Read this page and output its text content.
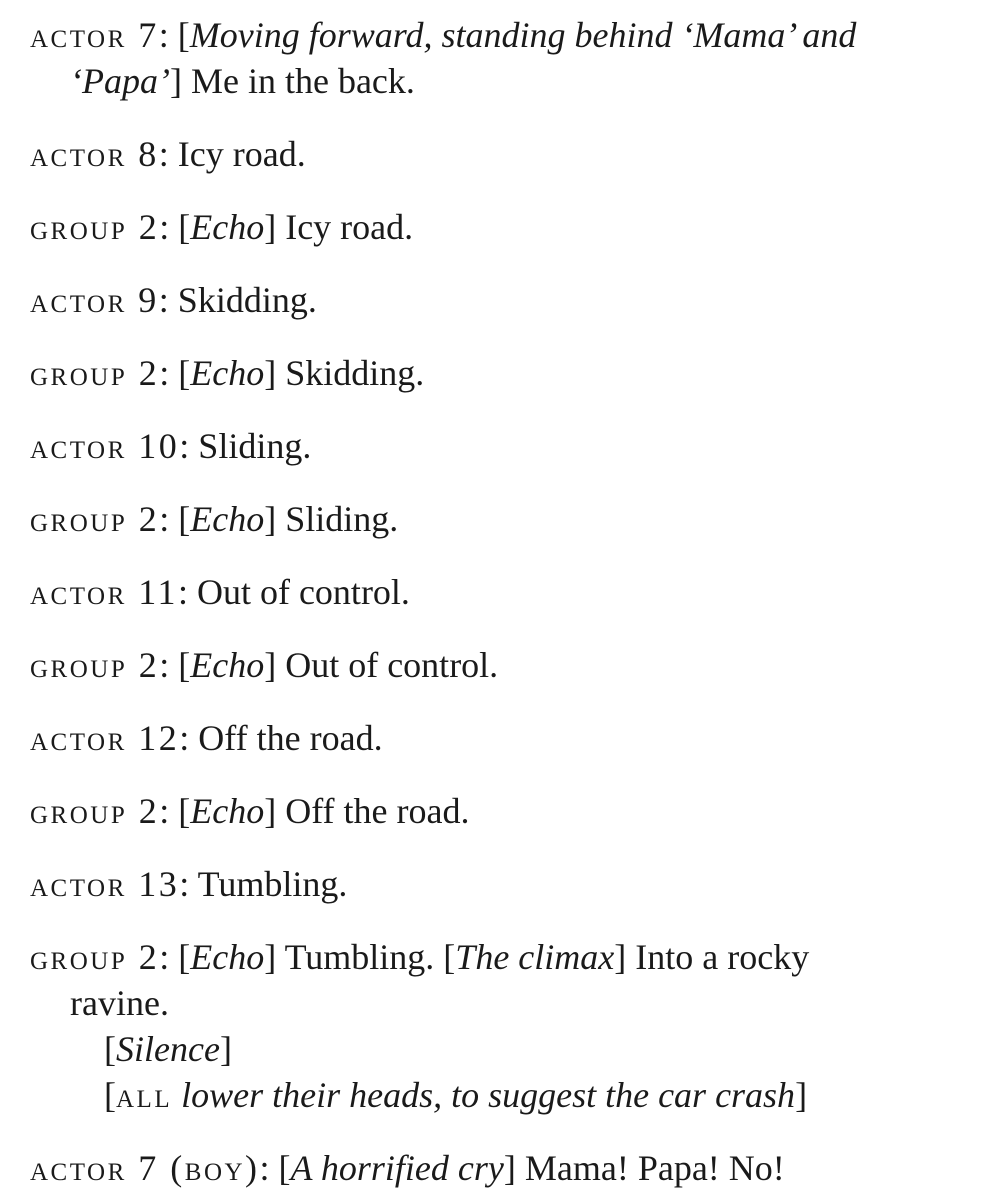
actor 7: [Moving forward, standing behind ‘Mama’ and
‘Papa’] Me in the back.
actor 8: Icy road.
group 2: [Echo] Icy road.
actor 9: Skidding.
group 2: [Echo] Skidding.
actor 10: Sliding.
group 2: [Echo] Sliding.
actor 11: Out of control.
group 2: [Echo] Out of control.
actor 12: Off the road.
group 2: [Echo] Off the road.
actor 13: Tumbling.
group 2: [Echo] Tumbling. [The climax] Into a rocky
ravine.
[Silence]
[all lower their heads, to suggest the car crash]
actor 7 (boy): [A horrified cry] Mama! Papa! No!
